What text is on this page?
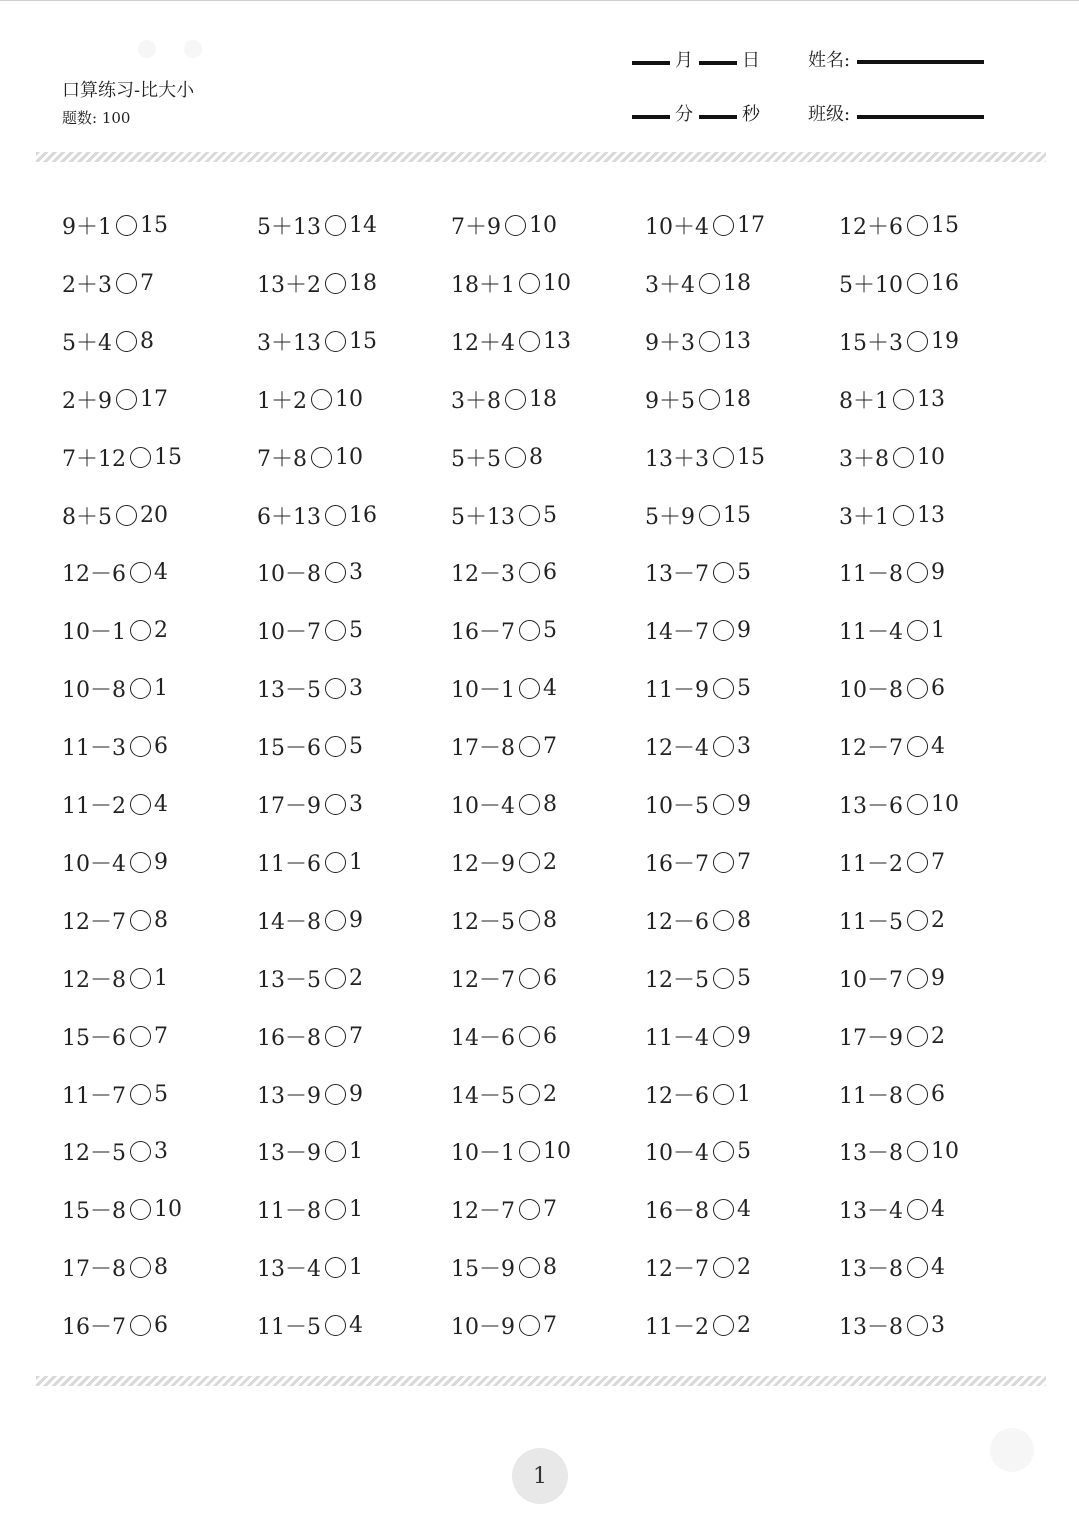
口算练习-比大小
题数: 100
月	日
分	秒
姓名:
班级:
9＋1 15
2＋3 7
5＋4 8
2＋9 17
7＋12 15
8＋5 20
12－6 4
10－1 2
10－8 1
11－3 6
11－2 4
10－4 9
12－7 8
12－8 1
15－6 7
11－7 5
12－5 3
15－8 10
17－8 8
16－7 6
5＋13 14
13＋2 18
3＋13 15
1＋2 10
7＋8 10
6＋13 16
10－8 3
10－7 5
13－5 3
15－6 5
17－9 3
11－6 1
14－8 9
13－5 2
16－8 7
13－9 9
13－9 1
11－8 1
13－4 1
11－5 4
7＋9 10
18＋1 10
12＋4 13
3＋8 18
5＋5 8
5＋13 5
12－3 6
16－7 5
10－1 4
17－8 7
10－4 8
12－9 2
12－5 8
12－7 6
14－6 6
14－5 2
10－1 10
12－7 7
15－9 8
10－9 7
10＋4 17
3＋4 18
9＋3 13
9＋5 18
13＋3 15
5＋9 15
13－7 5
14－7 9
11－9 5
12－4 3
10－5 9
16－7 7
12－6 8
12－5 5
11－4 9
12－6 1
10－4 5
16－8 4
12－7 2
11－2 2
12＋6 15
5＋10 16
15＋3 19
8＋1 13
3＋8 10
3＋1 13
11－8 9
11－4 1
10－8 6
12－7 4
13－6 10
11－2 7
11－5 2
10－7 9
17－9 2
11－8 6
13－8 10
13－4 4
13－8 4
13－8 3
1
